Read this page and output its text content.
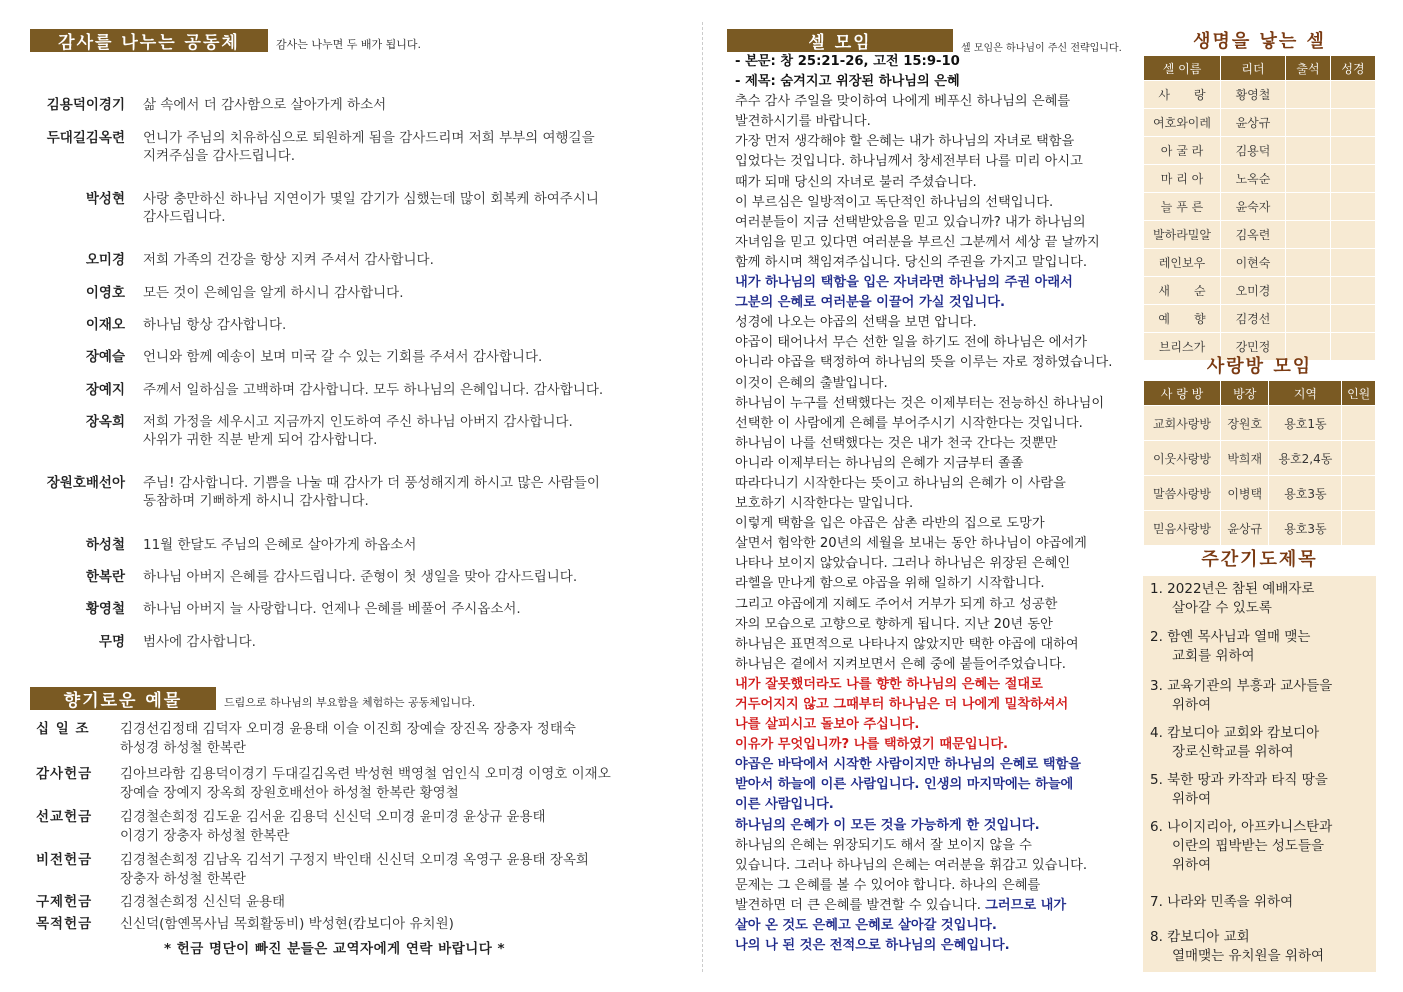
감사를 나누는 공동체	감사는 나누면 두 배가 됩니다.
김용덕이경기 삶 속에서 더 감사함으로 살아가게 하소서
두대길김옥련 언니가 주님의 치유하심으로 퇴원하게 됨을 감사드리며 저희 부부의 여행길을
지켜주심을 감사드립니다.
박성현 사랑 충만하신 하나님 지연이가 몇일 감기가 심했는데 많이 회복케 하여주시니
감사드립니다.
오미경 저희 가족의 건강을 항상 지켜 주셔서 감사합니다.
이영호 모든 것이 은혜임을 알게 하시니 감사합니다.
이재오 하나님 항상 감사합니다.
장예슬 언니와 함께 예송이 보며 미국 갈 수 있는 기회를 주셔서 감사합니다.
장예지 주께서 일하심을 고백하며 감사합니다. 모두 하나님의 은혜입니다. 감사합니다.
장옥희 저희 가정을 세우시고 지금까지 인도하여 주신 하나님 아버지 감사합니다.
사위가 귀한 직분 받게 되어 감사합니다.
장원호배선아 주님! 감사합니다. 기쁨을 나눌 때 감사가 더 풍성해지게 하시고 많은 사람들이
동참하며 기뻐하게 하시니 감사합니다.
하성철 11월 한달도 주님의 은혜로 살아가게 하옵소서
한복란 하나님 아버지 은혜를 감사드립니다. 준형이 첫 생일을 맞아 감사드립니다.
황영철 하나님 아버지 늘 사랑합니다. 언제나 은혜를 베풀어 주시옵소서.
무명 범사에 감사합니다.
향기로운 예물	드림으로 하나님의 부요함을 체험하는 공동체입니다.
십 일 조	김경선김정태 김덕자 오미경 윤용태 이슬 이진희 장예슬 장진옥 장충자 정태숙
하성경 하성철 한복란
감사헌금	김아브라함 김용덕이경기 두대길김옥련 박성현 백영철 엄인식 오미경 이영호 이재오
장예슬 장예지 장옥희 장원호배선아 하성철 한복란 황영철
선교헌금	김경철손희정 김도윤 김서윤 김용덕 신신덕 오미경 윤미경 윤상규 윤용태
이경기 장충자 하성철 한복란
비전헌금	김경철손희정 김남옥 김석기 구정지 박인태 신신덕 오미경 옥영구 윤용태 장옥희
장충자 하성철 한복란
구제헌금	김경철손희정 신신덕 윤용태
목적헌금	신신덕(함옌목사님 목회활동비) 박성현(캄보디아 유치원)
* 헌금 명단이 빠진 분들은 교역자에게 연락 바랍니다 *
셀 모임	셀 모임은 하나님이 주신 전략입니다.
- 본문: 창 25:21-26, 고전 15:9-10
- 제목: 숨겨지고 위장된 하나님의 은혜
추수 감사 주일을 맞이하여 나에게 베푸신 하나님의 은혜를
발견하시기를 바랍니다.
가장 먼저 생각해야 할 은혜는 내가 하나님의 자녀로 택함을
입었다는 것입니다. 하나님께서 창세전부터 나를 미리 아시고
때가 되매 당신의 자녀로 불러 주셨습니다.
이 부르심은 일방적이고 독단적인 하나님의 선택입니다.
여러분들이 지금 선택받았음을 믿고 있습니까? 내가 하나님의
자녀임을 믿고 있다면 여러분을 부르신 그분께서 세상 끝 날까지
함께 하시며 책임져주십니다. 당신의 주권을 가지고 말입니다.
내가 하나님의 택함을 입은 자녀라면 하나님의 주권 아래서
그분의 은혜로 여러분을 이끌어 가실 것입니다.
성경에 나오는 야곱의 선택을 보면 압니다.
야곱이 태어나서 무슨 선한 일을 하기도 전에 하나님은 에서가
아니라 야곱을 택정하여 하나님의 뜻을 이루는 자로 정하였습니다.
이것이 은혜의 출발입니다.
하나님이 누구를 선택했다는 것은 이제부터는 전능하신 하나님이
선택한 이 사람에게 은혜를 부어주시기 시작한다는 것입니다.
하나님이 나를 선택했다는 것은 내가 천국 간다는 것뿐만
아니라 이제부터는 하나님의 은혜가 지금부터 졸졸
따라다니기 시작한다는 뜻이고 하나님의 은혜가 이 사람을
보호하기 시작한다는 말입니다.
이렇게 택함을 입은 야곱은 삼촌 라반의 집으로 도망가
살면서 험악한 20년의 세월을 보내는 동안 하나님이 야곱에게
나타나 보이지 않았습니다. 그러나 하나님은 위장된 은혜인
라헬을 만나게 함으로 야곱을 위해 일하기 시작합니다.
그리고 야곱에게 지혜도 주어서 거부가 되게 하고 성공한
자의 모습으로 고향으로 향하게 됩니다. 지난 20년 동안
하나님은 표면적으로 나타나지 않았지만 택한 야곱에 대하여
하나님은 곁에서 지켜보면서 은혜 중에 붙들어주었습니다.
내가 잘못했더라도 나를 향한 하나님의 은혜는 절대로
거두어지지 않고 그때부터 하나님은 더 나에게 밀착하셔서
나를 살피시고 돌보아 주십니다.
이유가 무엇입니까? 나를 택하였기 때문입니다.
야곱은 바닥에서 시작한 사람이지만 하나님의 은혜로 택함을
받아서 하늘에 이른 사람입니다. 인생의 마지막에는 하늘에
이른 사람입니다.
하나님의 은혜가 이 모든 것을 가능하게 한 것입니다.
하나님의 은혜는 위장되기도 해서 잘 보이지 않을 수
있습니다. 그러나 하나님의 은혜는 여러분을 휘감고 있습니다.
문제는 그 은혜를 볼 수 있어야 합니다. 하나의 은혜를
발견하면 더 큰 은혜를 발견할 수 있습니다. 그러므로 내가
살아 온 것도 은혜고 은혜로 살아갈 것입니다.
나의 나 된 것은 전적으로 하나님의 은혜입니다.
생명을 낳는 셀
셀 이름	리더	출석	성경
사　　랑	황영철		
여호와이레	윤상규		
아 굴 라	김용덕		
마 리 아	노옥순		
늘 푸 른	윤숙자		
발하라밀알	김옥련		
레인보우	이현숙		
새　　순	오미경		
예　　향	김경선		
브리스가	강민정		
사랑방 모임
사 랑 방	방장	지역	인원
교회사랑방	장원호	용호1동	
이웃사랑방	박희재	용호2,4동	
말씀사랑방	이병택	용호3동	
믿음사랑방	윤상규	용호3동	
주간기도제목
1. 2022년은 참된 예배자로
살아갈 수 있도록
2. 함옌 목사님과 열매 맺는
교회를 위하여
3. 교육기관의 부흥과 교사들을
위하여
4. 캄보디아 교회와 캄보디아
장로신학교를 위하여
5. 북한 땅과 카작과 타직 땅을
위하여
6. 나이지리아, 아프카니스탄과
이란의 핍박받는 성도들을
위하여
7. 나라와 민족을 위하여
8. 캄보디아 교회
열매맺는 유치원을 위하여
